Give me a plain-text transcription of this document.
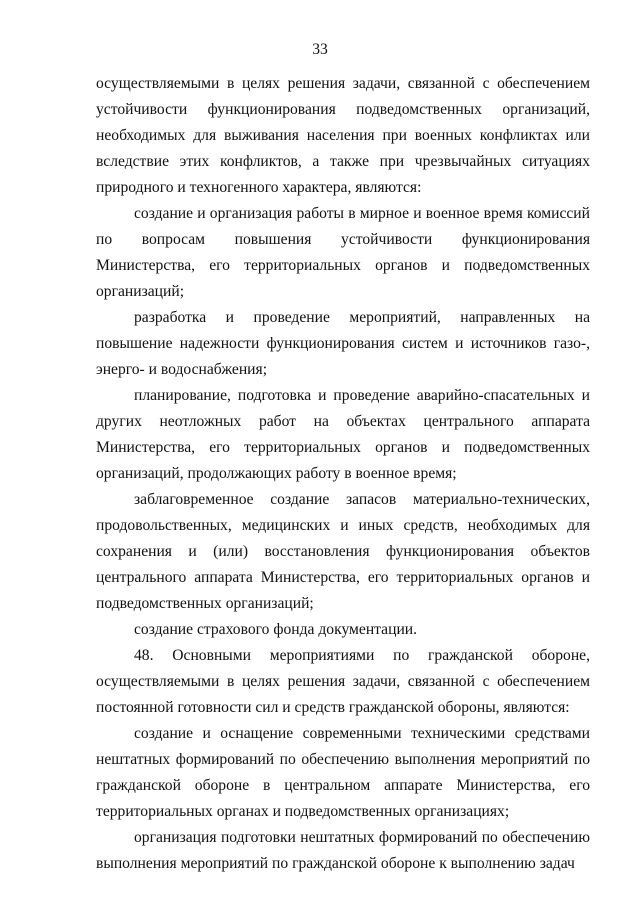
33

осуществляемыми в целях решения задачи, связанной с обеспечением устойчивости функционирования подведомственных организаций, необходимых для выживания населения при военных конфликтах или вследствие этих конфликтов, а также при чрезвычайных ситуациях природного и техногенного характера, являются:

создание и организация работы в мирное и военное время комиссий по вопросам повышения устойчивости функционирования Министерства, его территориальных органов и подведомственных организаций;

разработка и проведение мероприятий, направленных на повышение надежности функционирования систем и источников газо-, энерго- и водоснабжения;

планирование, подготовка и проведение аварийно-спасательных и других неотложных работ на объектах центрального аппарата Министерства, его территориальных органов и подведомственных организаций, продолжающих работу в военное время;

заблаговременное создание запасов материально-технических, продовольственных, медицинских и иных средств, необходимых для сохранения и (или) восстановления функционирования объектов центрального аппарата Министерства, его территориальных органов и подведомственных организаций;

создание страхового фонда документации.

48. Основными мероприятиями по гражданской обороне, осуществляемыми в целях решения задачи, связанной с обеспечением постоянной готовности сил и средств гражданской обороны, являются:

создание и оснащение современными техническими средствами нештатных формирований по обеспечению выполнения мероприятий по гражданской обороне в центральном аппарате Министерства, его территориальных органах и подведомственных организациях;

организация подготовки нештатных формирований по обеспечению выполнения мероприятий по гражданской обороне к выполнению задач
